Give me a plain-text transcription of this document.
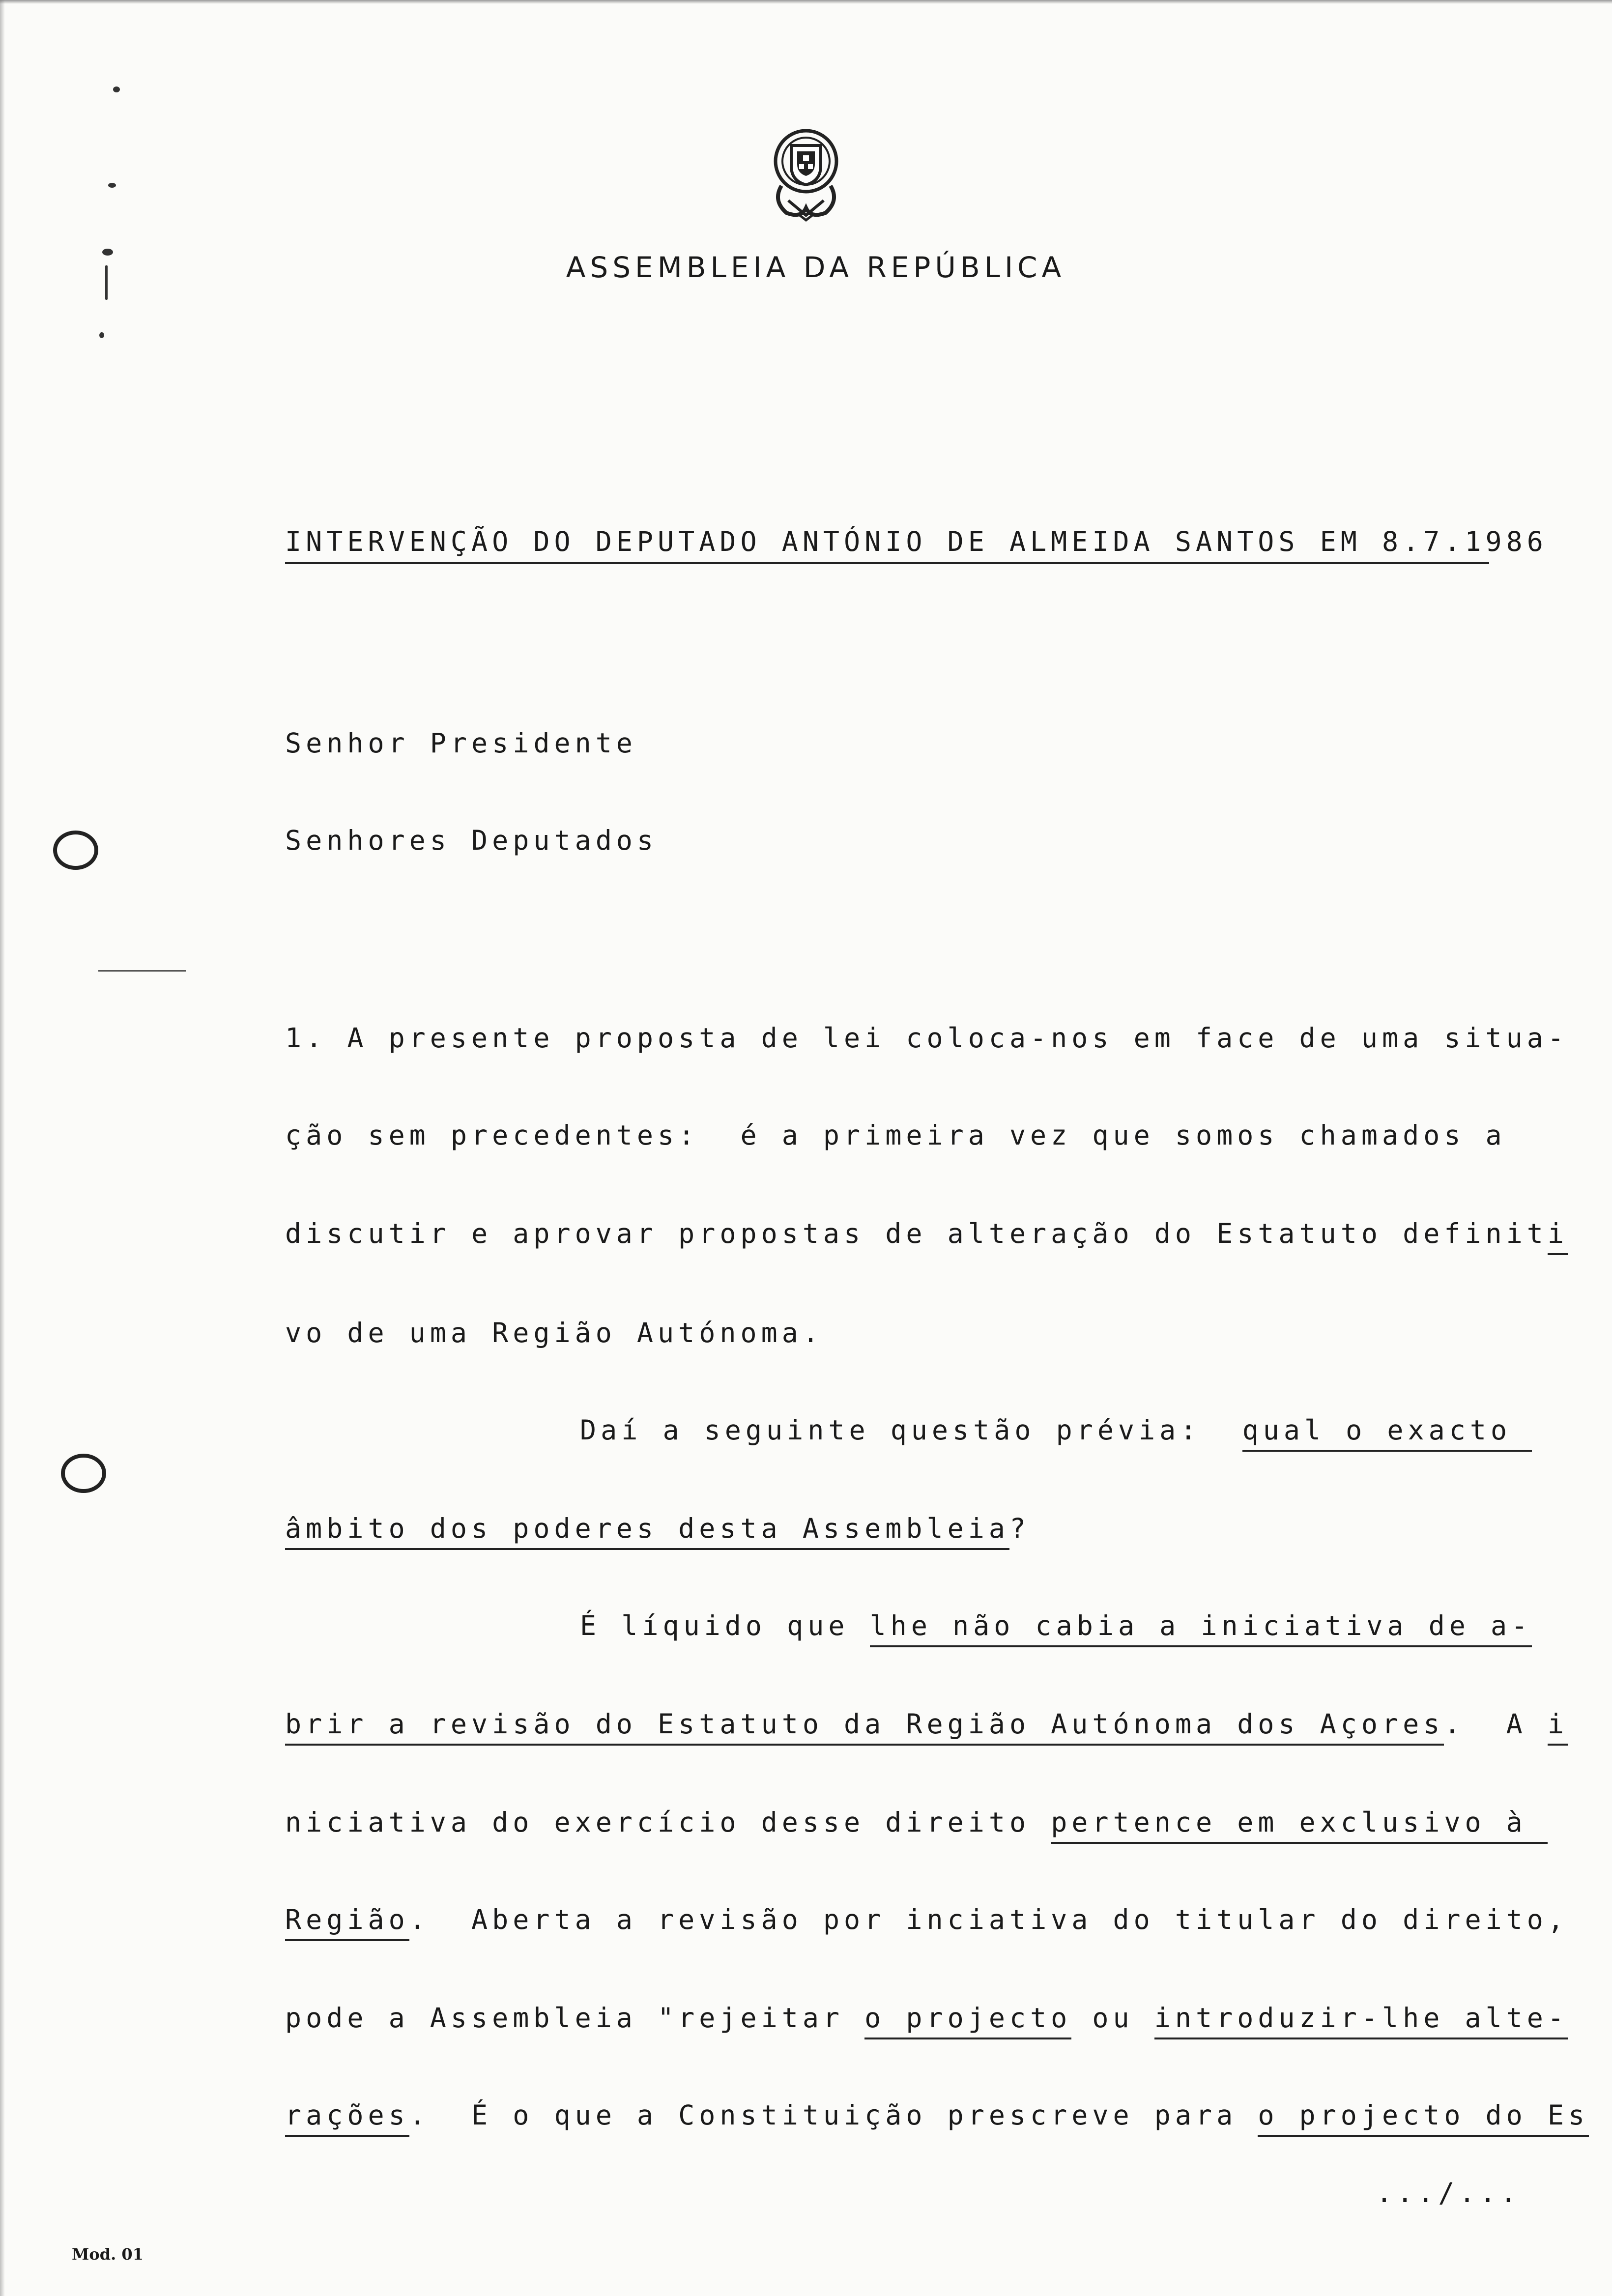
ASSEMBLEIA DA REPÚBLICA
INTERVENÇÃO DO DEPUTADO ANTÓNIO DE ALMEIDA SANTOS EM 8.7.1986
Senhor Presidente
Senhores Deputados
1. A presente proposta de lei coloca-nos em face de uma situa-
ção sem precedentes:  é a primeira vez que somos chamados a
discutir e aprovar propostas de alteração do Estatuto definiti
vo de uma Região Autónoma.
Daí a seguinte questão prévia:  qual o exacto
âmbito dos poderes desta Assembleia?
É líquido que lhe não cabia a iniciativa de a-
brir a revisão do Estatuto da Região Autónoma dos Açores.  A i
niciativa do exercício desse direito pertence em exclusivo à
Região.  Aberta a revisão por inciativa do titular do direito,
pode a Assembleia "rejeitar o projecto ou introduzir-lhe alte-
rações.  É o que a Constituição prescreve para o projecto do Es
.../...
Mod. 01
